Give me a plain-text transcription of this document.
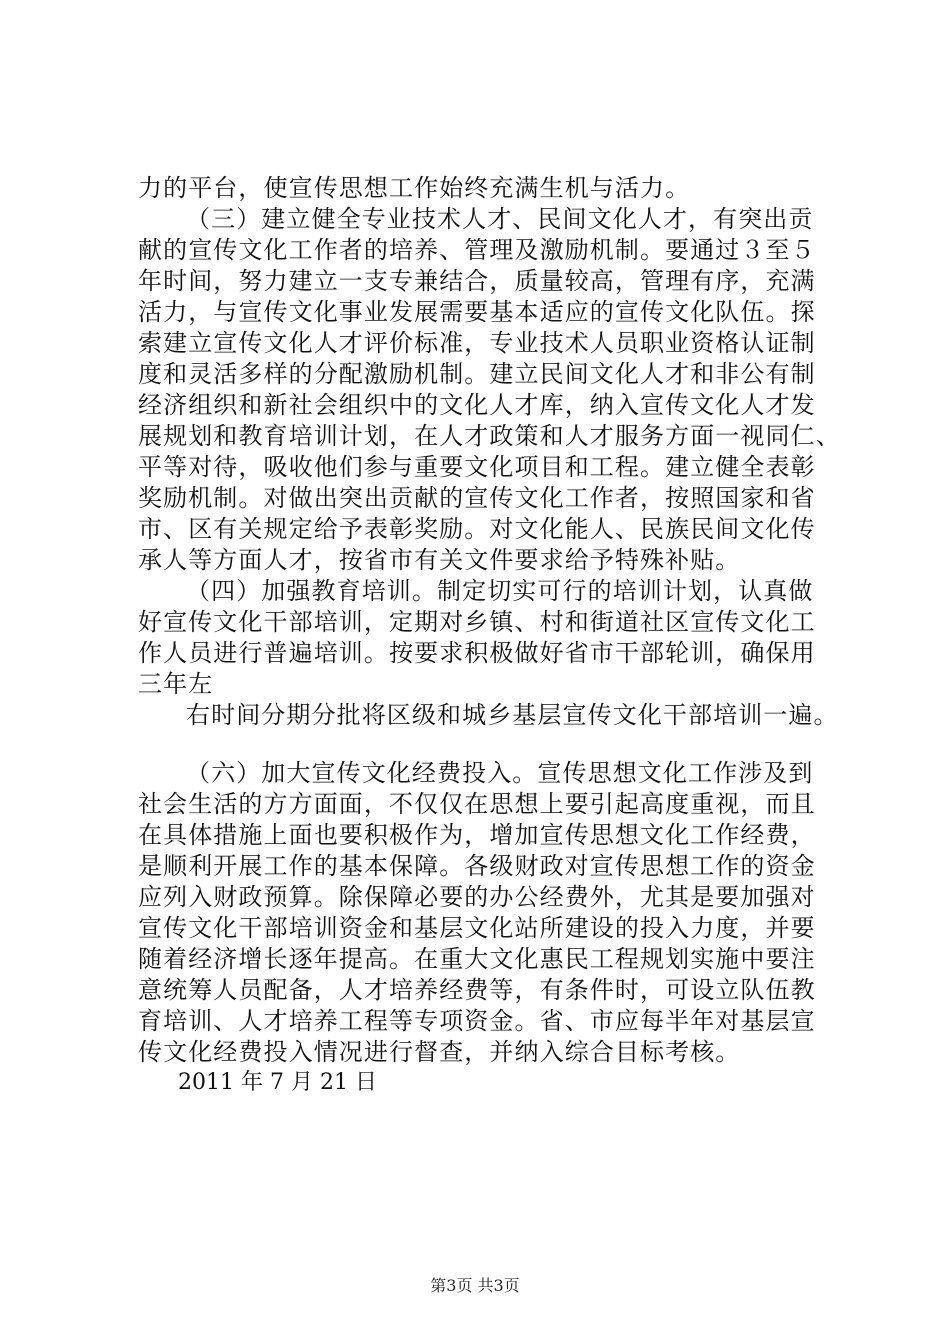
力的平台，使宣传思想工作始终充满生机与活力。

（三）建立健全专业技术人才、民间文化人才，有突出贡

献的宣传文化工作者的培养、管理及激励机制。要通过３至５

年时间，努力建立一支专兼结合，质量较高，管理有序，充满

活力，与宣传文化事业发展需要基本适应的宣传文化队伍。探

索建立宣传文化人才评价标准，专业技术人员职业资格认证制

度和灵活多样的分配激励机制。建立民间文化人才和非公有制

经济组织和新社会组织中的文化人才库，纳入宣传文化人才发

展规划和教育培训计划，在人才政策和人才服务方面一视同仁、

平等对待，吸收他们参与重要文化项目和工程。建立健全表彰

奖励机制。对做出突出贡献的宣传文化工作者，按照国家和省

市、区有关规定给予表彰奖励。对文化能人、民族民间文化传

承人等方面人才，按省市有关文件要求给予特殊补贴。

（四）加强教育培训。制定切实可行的培训计划，认真做

好宣传文化干部培训，定期对乡镇、村和街道社区宣传文化工

作人员进行普遍培训。按要求积极做好省市干部轮训，确保用

三年左

右时间分期分批将区级和城乡基层宣传文化干部培训一遍。

（六）加大宣传文化经费投入。宣传思想文化工作涉及到

社会生活的方方面面，不仅仅在思想上要引起高度重视，而且

在具体措施上面也要积极作为，增加宣传思想文化工作经费，

是顺利开展工作的基本保障。各级财政对宣传思想工作的资金

应列入财政预算。除保障必要的办公经费外，尤其是要加强对

宣传文化干部培训资金和基层文化站所建设的投入力度，并要

随着经济增长逐年提高。在重大文化惠民工程规划实施中要注

意统筹人员配备，人才培养经费等，有条件时，可设立队伍教

育培训、人才培养工程等专项资金。省、市应每半年对基层宣

传文化经费投入情况进行督查，并纳入综合目标考核。

2011 年 7 月 21 日

第3页 共3页
